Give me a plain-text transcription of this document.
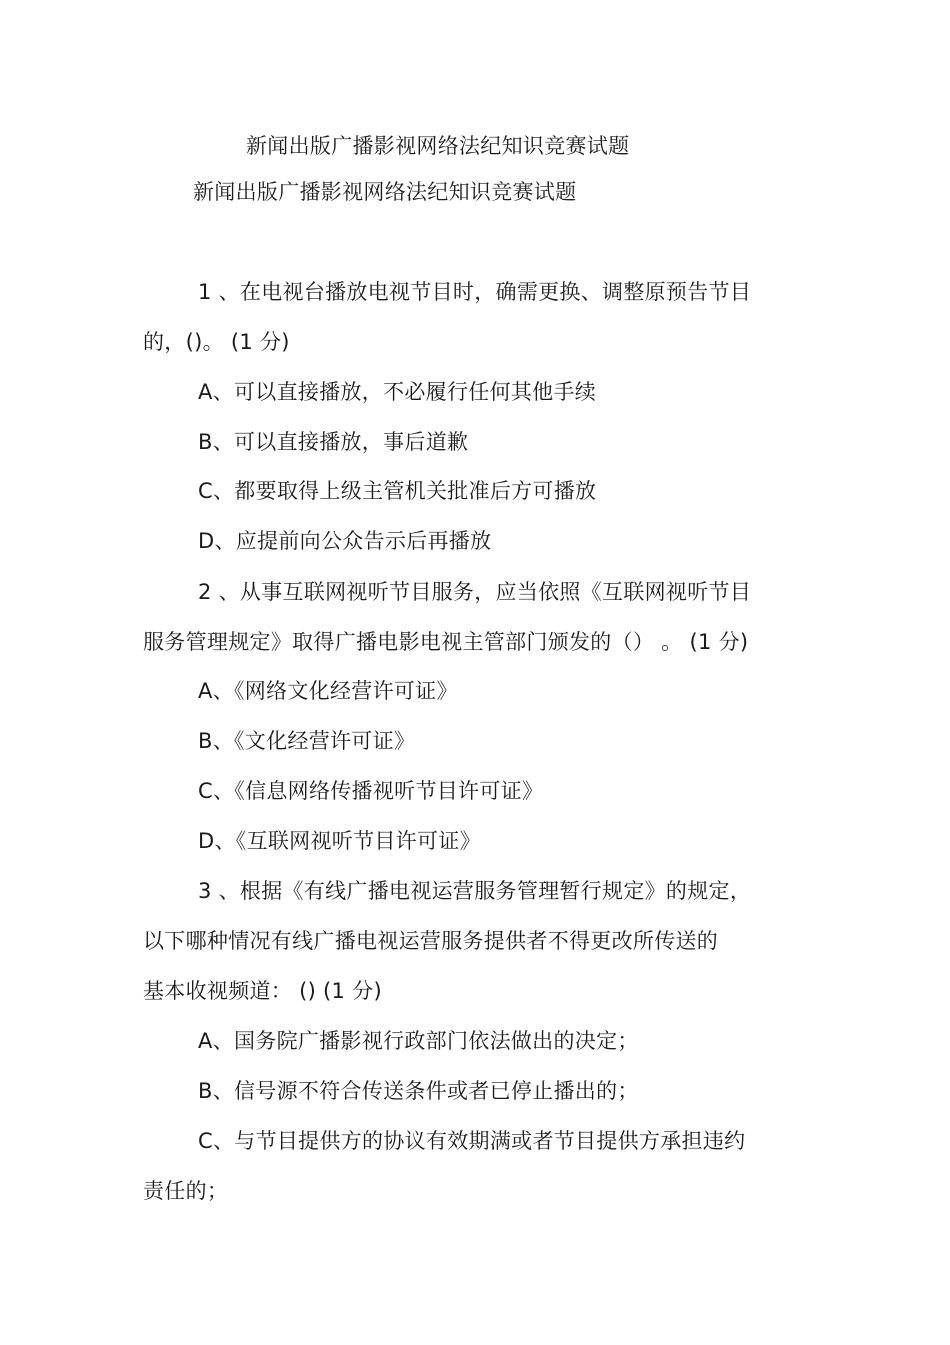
新闻出版广播影视网络法纪知识竞赛试题
新闻出版广播影视网络法纪知识竞赛试题
1 、在电视台播放电视节目时，确需更换、调整原预告节目
的，()。 (1 分)
A、可以直接播放，不必履行任何其他手续
B、可以直接播放，事后道歉
C、都要取得上级主管机关批准后方可播放
D、应提前向公众告示后再播放
2 、从事互联网视听节目服务，应当依照《互联网视听节目
服务管理规定》取得广播电影电视主管部门颁发的（） 。 (1 分)
A、《网络文化经营许可证》
B、《文化经营许可证》
C、《信息网络传播视听节目许可证》
D、《互联网视听节目许可证》
3 、根据《有线广播电视运营服务管理暂行规定》的规定，
以下哪种情况有线广播电视运营服务提供者不得更改所传送的
基本收视频道： () (1 分)
A、国务院广播影视行政部门依法做出的决定；
B、信号源不符合传送条件或者已停止播出的；
C、与节目提供方的协议有效期满或者节目提供方承担违约
责任的；
